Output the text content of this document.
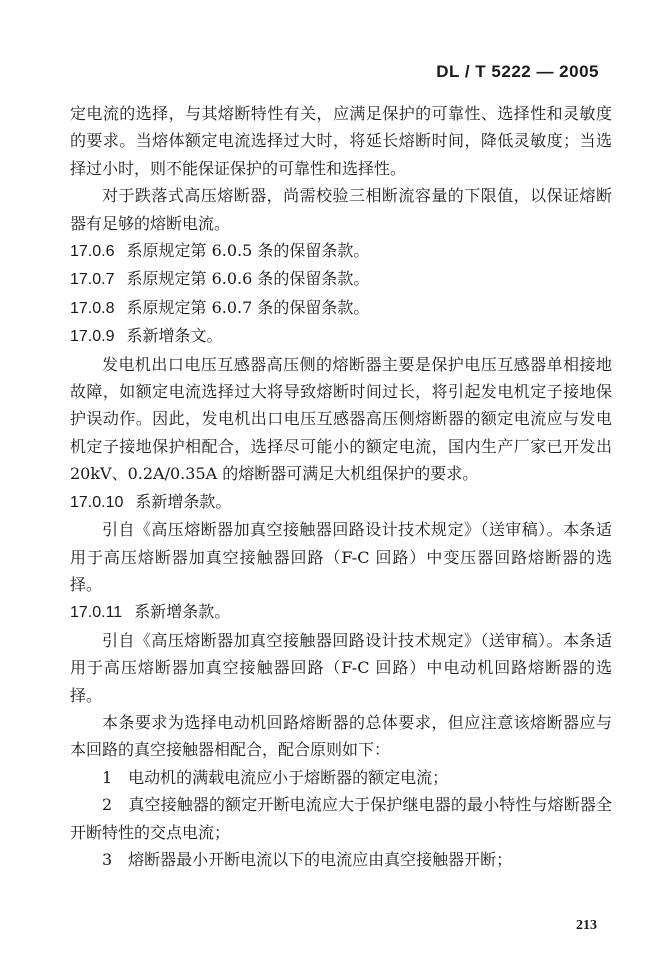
DL / T 5222 — 2005

定电流的选择，与其熔断特性有关，应满足保护的可靠性、选择性和灵敏度的要求。当熔体额定电流选择过大时，将延长熔断时间，降低灵敏度；当选择过小时，则不能保证保护的可靠性和选择性。

对于跌落式高压熔断器，尚需校验三相断流容量的下限值，以保证熔断器有足够的熔断电流。

17.0.6 系原规定第 6.0.5 条的保留条款。

17.0.7 系原规定第 6.0.6 条的保留条款。

17.0.8 系原规定第 6.0.7 条的保留条款。

17.0.9 系新增条文。

发电机出口电压互感器高压侧的熔断器主要是保护电压互感器单相接地故障，如额定电流选择过大将导致熔断时间过长，将引起发电机定子接地保护误动作。因此，发电机出口电压互感器高压侧熔断器的额定电流应与发电机定子接地保护相配合，选择尽可能小的额定电流，国内生产厂家已开发出 20kV、0.2A/0.35A 的熔断器可满足大机组保护的要求。

17.0.10 系新增条款。

引自《高压熔断器加真空接触器回路设计技术规定》（送审稿）。本条适用于高压熔断器加真空接触器回路（F-C 回路）中变压器回路熔断器的选择。

17.0.11 系新增条款。

引自《高压熔断器加真空接触器回路设计技术规定》（送审稿）。本条适用于高压熔断器加真空接触器回路（F-C 回路）中电动机回路熔断器的选择。

本条要求为选择电动机回路熔断器的总体要求，但应注意该熔断器应与本回路的真空接触器相配合，配合原则如下：

1　电动机的满载电流应小于熔断器的额定电流；

2　真空接触器的额定开断电流应大于保护继电器的最小特性与熔断器全开断特性的交点电流；

3　熔断器最小开断电流以下的电流应由真空接触器开断；

213
